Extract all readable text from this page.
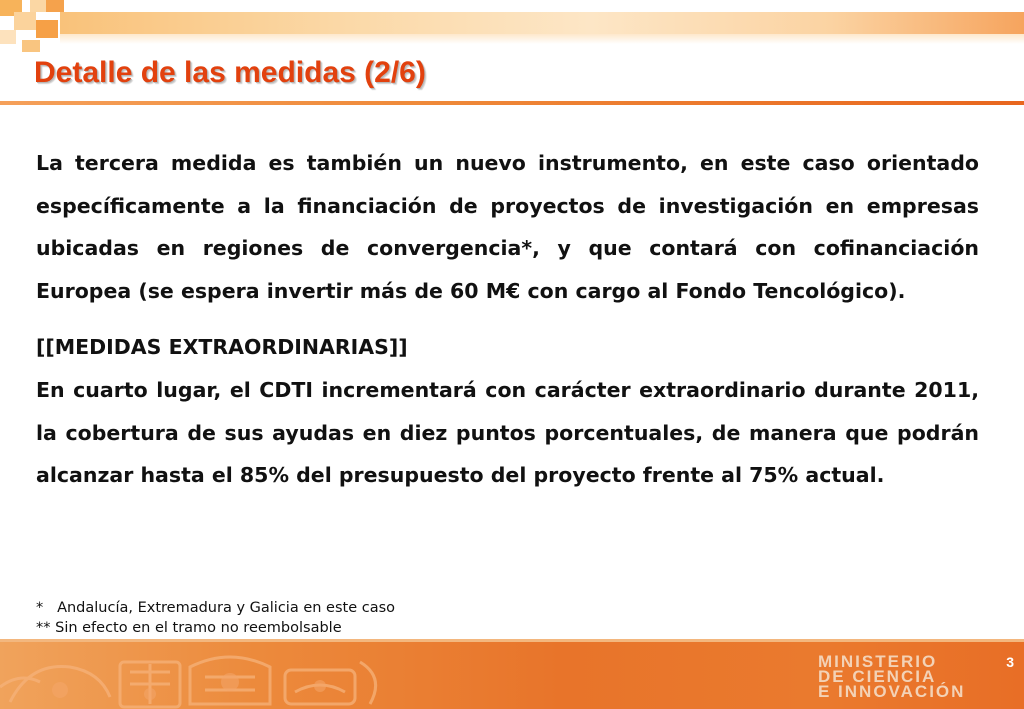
Detalle de las medidas (2/6)

La tercera medida es también un nuevo instrumento, en este caso orientado específicamente a la financiación de proyectos de investigación en empresas ubicadas en regiones de convergencia*, y que contará con cofinanciación Europea (se espera invertir más de 60 M€ con cargo al Fondo Tencológico).

[[MEDIDAS EXTRAORDINARIAS]]

En cuarto lugar, el CDTI incrementará con carácter extraordinario durante 2011, la cobertura de sus ayudas en diez puntos porcentuales, de manera que podrán alcanzar hasta el 85% del presupuesto del proyecto frente al 75% actual.

*   Andalucía, Extremadura y Galicia en este caso
** Sin efecto en el tramo no reembolsable
3
MINISTERIO
DE CIENCIA
E INNOVACIÓN
